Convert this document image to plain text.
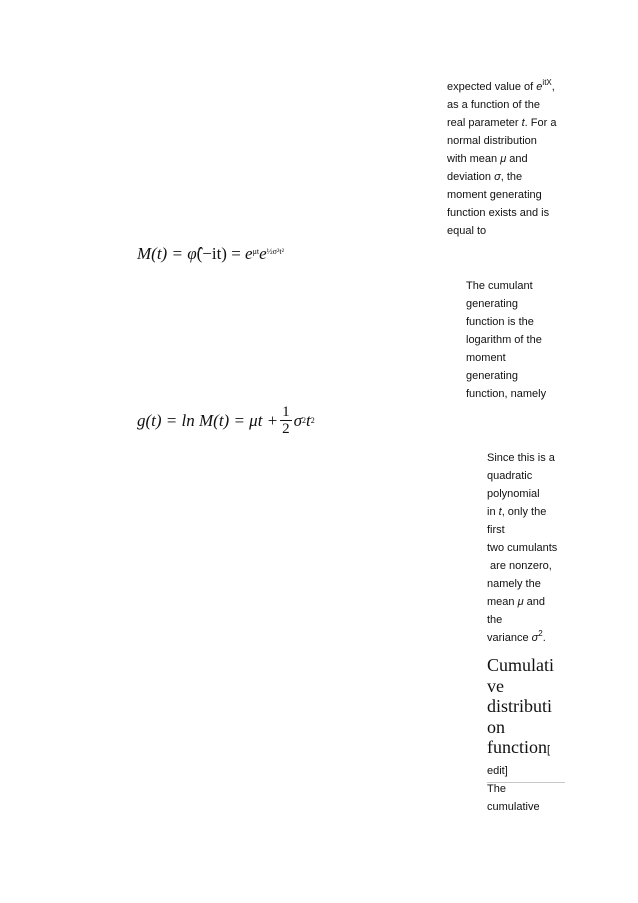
expected value of $e^{itX}$,
as a function of the
real parameter t. For a
normal distribution
with mean μ and
deviation σ, the
moment generating
function exists and is
equal to
M(t) = φ̂(−it) = $e^{\mu t}e^{\frac{1}{2}\sigma^2t^2}$
The cumulant
generating
function is the
logarithm of the
moment
generating
function, namely
$g(t) = \ln M(t) = \mu t + \frac{1}{2}$ σ 2 t 2
Since this is a
quadratic
polynomial
in t, only the
first
two cumulants
are nonzero,
namely the
mean μ and
the
variance $\sigma^2$.
Cumulati
ve
distributi
on
function[
edit]
The
cumulative
